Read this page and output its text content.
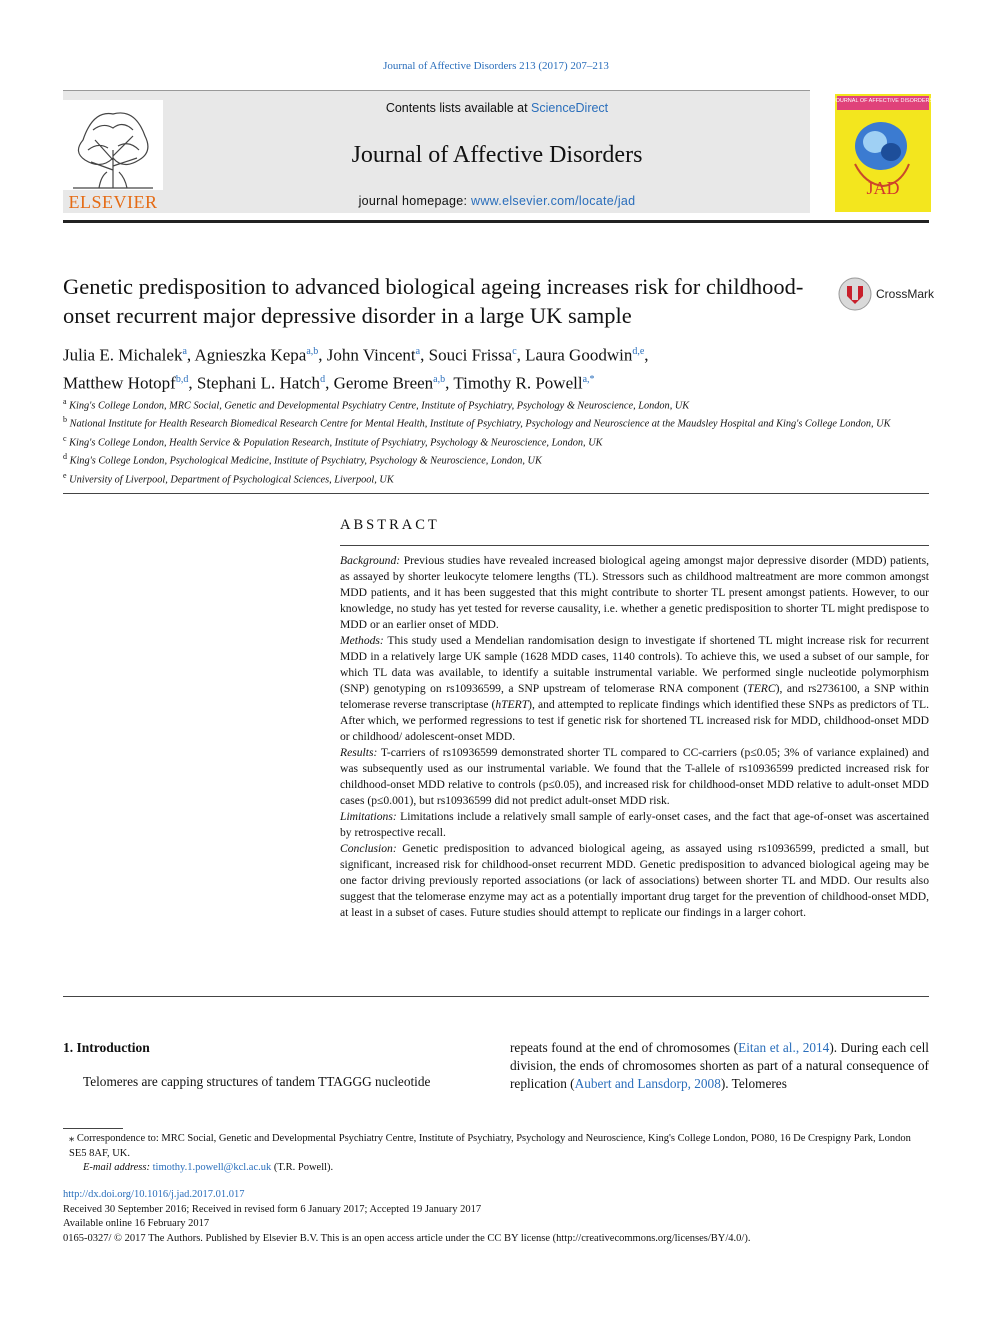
Journal of Affective Disorders 213 (2017) 207–213
ELSEVIER
Contents lists available at ScienceDirect
Journal of Affective Disorders
journal homepage: www.elsevier.com/locate/jad
JOURNAL OF AFFECTIVE DISORDERS
JAD
Genetic predisposition to advanced biological ageing increases risk for childhood-onset recurrent major depressive disorder in a large UK sample
CrossMark
Julia E. Michalek$^a$, Agnieszka Kepa$^{a,b}$, John Vincent$^a$, Souci Frissa$^c$, Laura Goodwin$^{d,e}$,
Matthew Hotopf$^{b,d}$, Stephani L. Hatch$^d$, Gerome Breen$^{a,b}$, Timothy R. Powell$^{a,*}$
$^a$ King's College London, MRC Social, Genetic and Developmental Psychiatry Centre, Institute of Psychiatry, Psychology & Neuroscience, London, UK
$^b$ National Institute for Health Research Biomedical Research Centre for Mental Health, Institute of Psychiatry, Psychology and Neuroscience at the Maudsley Hospital and King's College London, UK
$^c$ King's College London, Health Service & Population Research, Institute of Psychiatry, Psychology & Neuroscience, London, UK
$^d$ King's College London, Psychological Medicine, Institute of Psychiatry, Psychology & Neuroscience, London, UK
$^e$ University of Liverpool, Department of Psychological Sciences, Liverpool, UK
ABSTRACT

Background: Previous studies have revealed increased biological ageing amongst major depressive disorder (MDD) patients, as assayed by shorter leukocyte telomere lengths (TL). Stressors such as childhood maltreatment are more common amongst MDD patients, and it has been suggested that this might contribute to shorter TL present amongst patients. However, to our knowledge, no study has yet tested for reverse causality, i.e. whether a genetic predisposition to shorter TL might predispose to MDD or an earlier onset of MDD.

Methods: This study used a Mendelian randomisation design to investigate if shortened TL might increase risk for recurrent MDD in a relatively large UK sample (1628 MDD cases, 1140 controls). To achieve this, we used a subset of our sample, for which TL data was available, to identify a suitable instrumental variable. We performed single nucleotide polymorphism (SNP) genotyping on rs10936599, a SNP upstream of telomerase RNA component (TERC), and rs2736100, a SNP within telomerase reverse transcriptase (hTERT), and attempted to replicate findings which identified these SNPs as predictors of TL. After which, we performed regressions to test if genetic risk for shortened TL increased risk for MDD, childhood-onset MDD or childhood/ adolescent-onset MDD.

Results: T-carriers of rs10936599 demonstrated shorter TL compared to CC-carriers (p≤0.05; 3% of variance explained) and was subsequently used as our instrumental variable. We found that the T-allele of rs10936599 predicted increased risk for childhood-onset MDD relative to controls (p≤0.05), and increased risk for childhood-onset MDD relative to adult-onset MDD cases (p≤0.001), but rs10936599 did not predict adult-onset MDD risk.

Limitations: Limitations include a relatively small sample of early-onset cases, and the fact that age-of-onset was ascertained by retrospective recall.

Conclusion: Genetic predisposition to advanced biological ageing, as assayed using rs10936599, predicted a small, but significant, increased risk for childhood-onset recurrent MDD. Genetic predisposition to advanced biological ageing may be one factor driving previously reported associations (or lack of associations) between shorter TL and MDD. Our results also suggest that the telomerase enzyme may act as a potentially important drug target for the prevention of childhood-onset MDD, at least in a subset of cases. Future studies should attempt to replicate our findings in a larger cohort.

1. Introduction
Telomeres are capping structures of tandem TTAGGG nucleotide
repeats found at the end of chromosomes (Eitan et al., 2014). During each cell division, the ends of chromosomes shorten as part of a natural consequence of replication (Aubert and Lansdorp, 2008). Telomeres
⁎ Correspondence to: MRC Social, Genetic and Developmental Psychiatry Centre, Institute of Psychiatry, Psychology and Neuroscience, King's College London, PO80, 16 De Crespigny Park, London SE5 8AF, UK.
E-mail address: timothy.1.powell@kcl.ac.uk (T.R. Powell).
http://dx.doi.org/10.1016/j.jad.2017.01.017
Received 30 September 2016; Received in revised form 6 January 2017; Accepted 19 January 2017
Available online 16 February 2017
0165-0327/ © 2017 The Authors. Published by Elsevier B.V. This is an open access article under the CC BY license (http://creativecommons.org/licenses/BY/4.0/).
